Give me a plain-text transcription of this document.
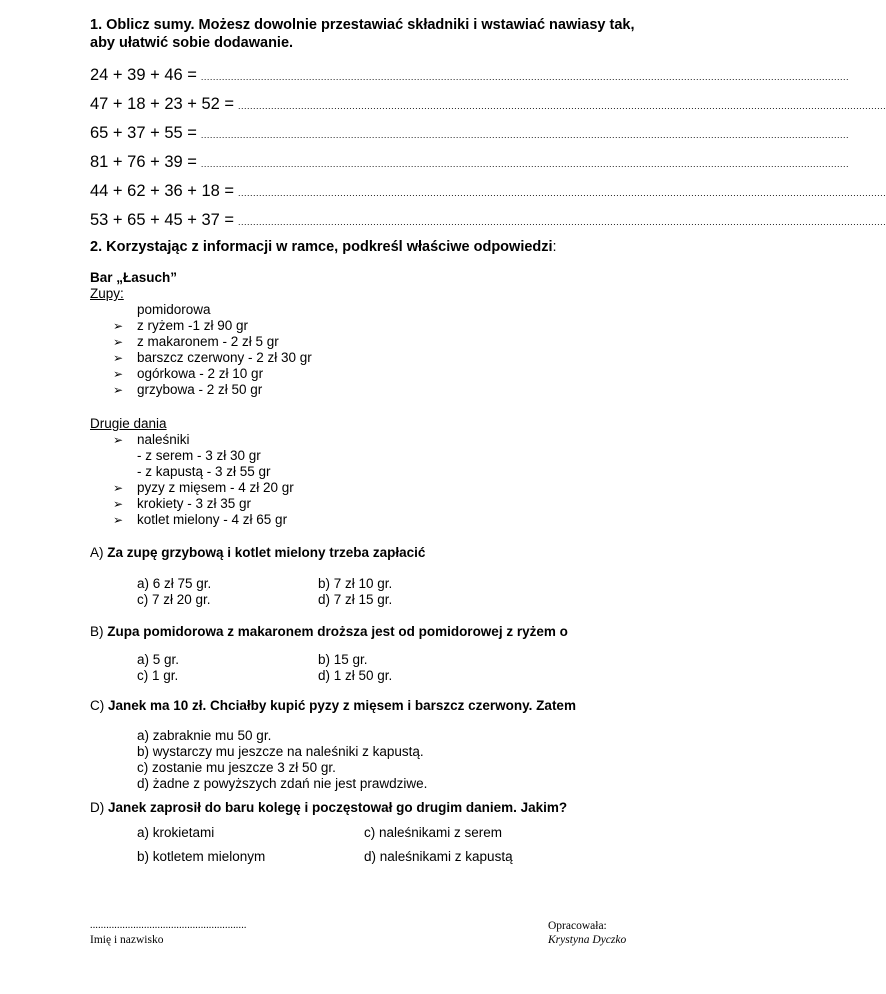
1. Oblicz sumy. Możesz dowolnie przestawiać składniki i wstawiać nawiasy tak,
aby ułatwić sobie dodawanie.
24 + 39 + 46 = ........................................................................................................................................................................................................................
47 + 18 + 23 + 52 = ........................................................................................................................................................................................................................
65 + 37 + 55 = ........................................................................................................................................................................................................................
81 + 76 + 39 = ........................................................................................................................................................................................................................
44 + 62 + 36 + 18 = ........................................................................................................................................................................................................................
53 + 65 + 45 + 37 = ........................................................................................................................................................................................................................
2. Korzystając z informacji w ramce, podkreśl właściwe odpowiedzi:
Bar „Łasuch”
Zupy:
pomidorowa
➢ z ryżem -1 zł 90 gr
➢ z makaronem - 2 zł 5 gr
➢ barszcz czerwony - 2 zł 30 gr
➢ ogórkowa - 2 zł 10 gr
➢ grzybowa - 2 zł 50 gr
Drugie dania
➢ naleśniki
- z serem - 3 zł 30 gr
- z kapustą - 3 zł 55 gr
➢ pyzy z mięsem - 4 zł 20 gr
➢ krokiety - 3 zł 35 gr
➢ kotlet mielony - 4 zł 65 gr
A) Za zupę grzybową i kotlet mielony trzeba zapłacić
a) 6 zł 75 gr.	b) 7 zł 10 gr.
c) 7 zł 20 gr.	d) 7 zł 15 gr.
B) Zupa pomidorowa z makaronem droższa jest od pomidorowej z ryżem o
a) 5 gr.	b) 15 gr.
c) 1 gr.	d) 1 zł 50 gr.
C) Janek ma 10 zł. Chciałby kupić pyzy z mięsem i barszcz czerwony. Zatem
a) zabraknie mu 50 gr.
b) wystarczy mu jeszcze na naleśniki z kapustą.
c) zostanie mu jeszcze 3 zł 50 gr.
d) żadne z powyższych zdań nie jest prawdziwe.
D) Janek zaprosił do baru kolegę i poczęstował go drugim daniem. Jakim?
a) krokietami	c) naleśnikami z serem
b) kotletem mielonym	d) naleśnikami z kapustą
..........................................................
Imię i nazwisko
Opracowała:
Krystyna Dyczko
